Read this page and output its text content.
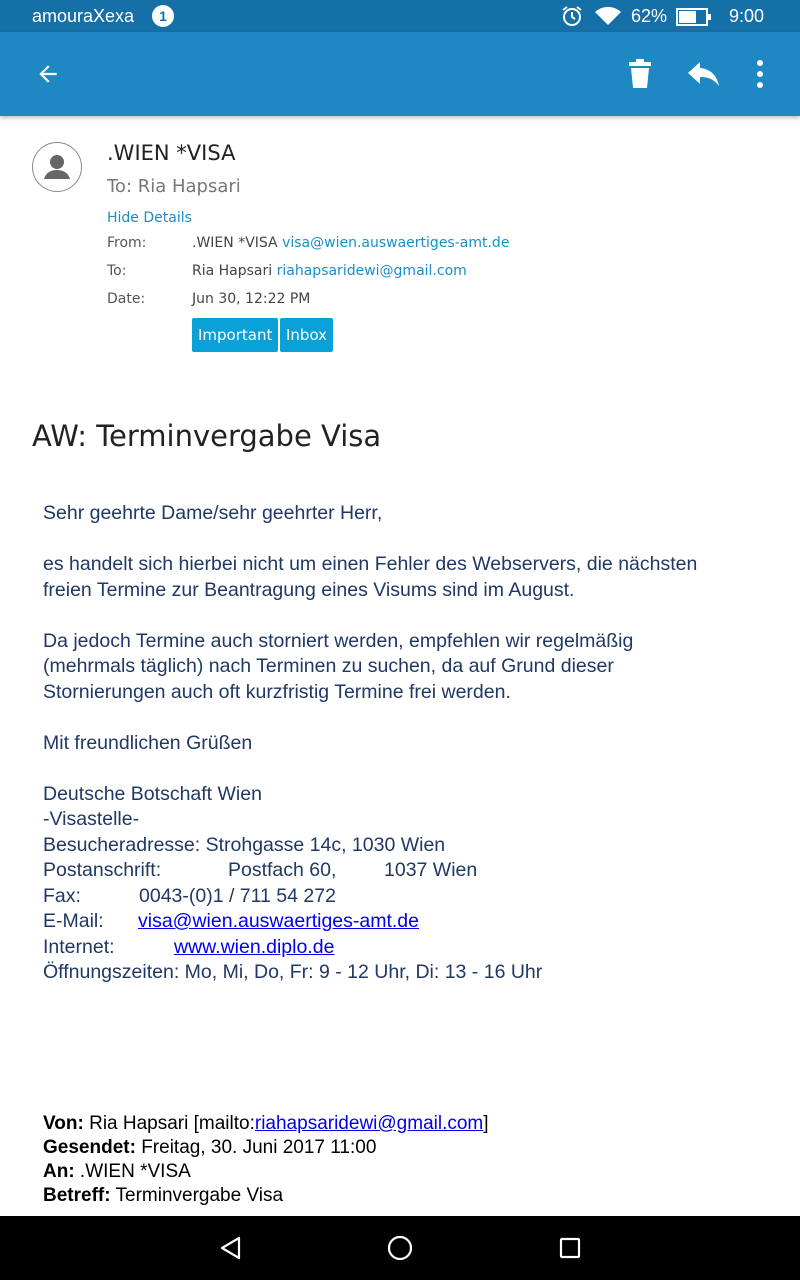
amouraXexa	1	62%	9:00
.WIEN *VISA
To: Ria Hapsari
Hide Details
From:	.WIEN *VISA visa@wien.auswaertiges-amt.de
To:	Ria Hapsari riahapsaridewi@gmail.com
Date:	Jun 30, 12:22 PM
Important Inbox
AW: Terminvergabe Visa

Sehr geehrte Dame/sehr geehrter Herr,

es handelt sich hierbei nicht um einen Fehler des Webservers, die nächsten

freien Termine zur Beantragung eines Visums sind im August.

Da jedoch Termine auch storniert werden, empfehlen wir regelmäßig

(mehrmals täglich) nach Terminen zu suchen, da auf Grund dieser

Stornierungen auch oft kurzfristig Termine frei werden.

Mit freundlichen Grüßen

Deutsche Botschaft Wien

-Visastelle-

Besucheradresse: Strohgasse 14c, 1030 Wien

Postanschrift:	Postfach 60, 1037 Wien

Fax:	0043-(0)1 / 711 54 272

E-Mail: visa@wien.auswaertiges-amt.de

Internet:	www.wien.diplo.de

Öffnungszeiten: Mo, Mi, Do, Fr: 9 - 12 Uhr, Di: 13 - 16 Uhr

Von: Ria Hapsari [mailto:riahapsaridewi@gmail.com]

Gesendet: Freitag, 30. Juni 2017 11:00

An: .WIEN *VISA

Betreff: Terminvergabe Visa
